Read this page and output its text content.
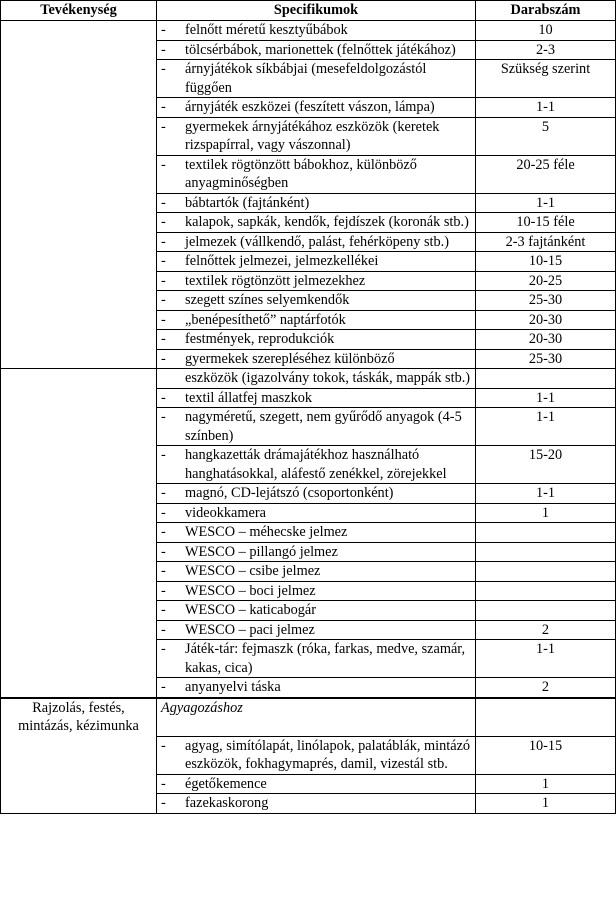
Tevékenység	Specifikumok	Darabszám

	- felnőtt méretű kesztyűbábok	10

	- tölcsérbábok, marionettek (felnőttek játékához)	2-3

	- árnyjátékok síkbábjai (mesefeldolgozástól függően	Szükség szerint

	- árnyjáték eszközei (feszített vászon, lámpa)	1-1

	- gyermekek árnyjátékához eszközök (keretek rizspapírral, vagy vászonnal)	5

	- textilek rögtönzött bábokhoz, különböző anyagminőségben	20-25 féle

	- bábtartók (fajtánként)	1-1

	- kalapok, sapkák, kendők, fejdíszek (koronák stb.)	10-15 féle

	- jelmezek (vállkendő, palást, fehérköpeny stb.)	2-3 fajtánként

	- felnőttek jelmezei, jelmezkellékei	10-15

	- textilek rögtönzött jelmezekhez	20-25

	- szegett színes selyemkendők	25-30

	- „benépesíthető” naptárfotók	20-30

	- festmények, reprodukciók	20-30

	- gyermekek szerepléséhez különböző	25-30

	eszközök (igazolvány tokok, táskák, mappák stb.)	

	- textil állatfej maszkok	1-1

	- nagyméretű, szegett, nem gyűrődő anyagok (4-5 színben)	1-1

	- hangkazetták drámajátékhoz használható hanghatásokkal, aláfestő zenékkel, zörejekkel	15-20

	- magnó, CD-lejátszó (csoportonként)	1-1

	- videokkamera	1

	- WESCO – méhecske jelmez	

	- WESCO – pillangó jelmez	

	- WESCO – csibe jelmez	

	- WESCO – boci jelmez	

	- WESCO – katicabogár	

	- WESCO – paci jelmez	2

	- Játék-tár: fejmaszk (róka, farkas, medve, szamár, kakas, cica)	1-1

	- anyanyelvi táska	2
Rajzolás, festés, mintázás, kézimunka	Agyagozáshoz	

	- agyag, simítólapát, linólapok, palatáblák, mintázó eszközök, fokhagymaprés, damil, vizestál stb.	10-15

	- égetőkemence	1

	- fazekaskorong	1
